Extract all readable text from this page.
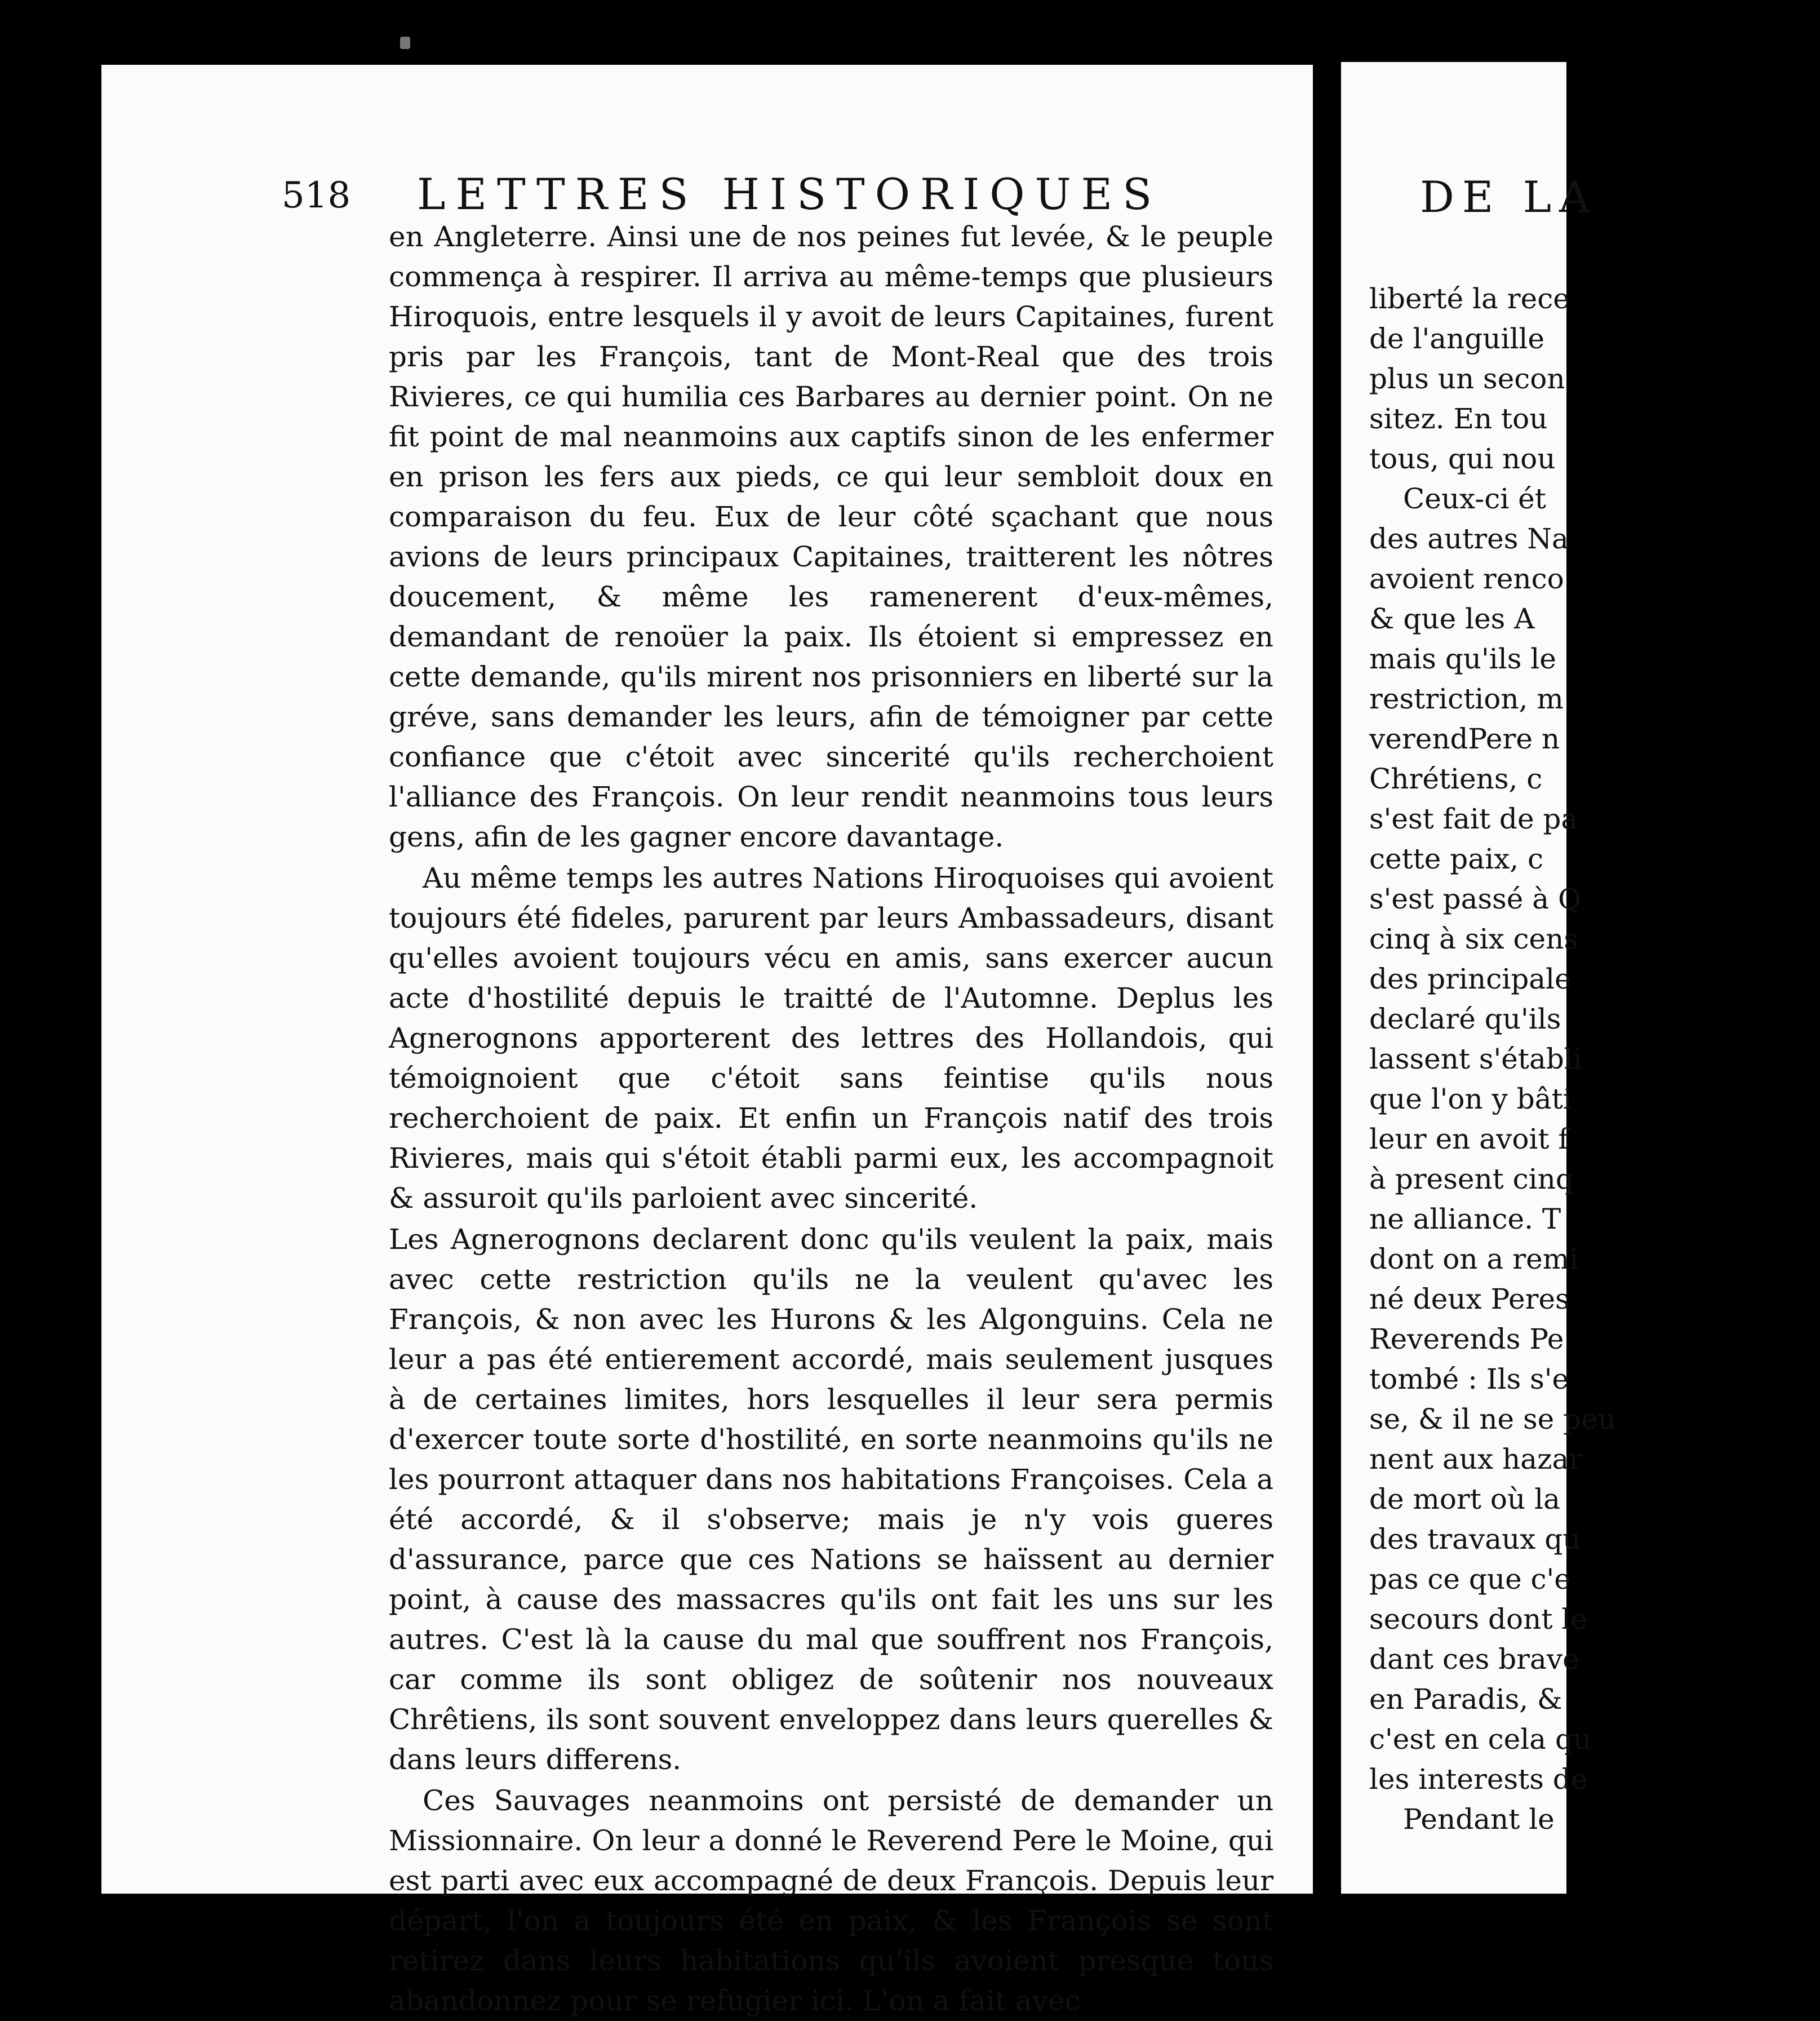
518 LETTRES HISTORIQUES

en Angleterre. Ainsi une de nos peines fut levée, & le peuple commença à respirer. Il arriva au même-temps que plusieurs Hiroquois, entre lesquels il y avoit de leurs Capitaines, furent pris par les François, tant de Mont-Real que des trois Rivieres, ce qui humilia ces Barbares au dernier point. On ne fit point de mal neanmoins aux captifs sinon de les enfermer en prison les fers aux pieds, ce qui leur sembloit doux en comparaison du feu. Eux de leur côté sçachant que nous avions de leurs principaux Capitaines, traitterent les nôtres doucement, & même les ramenerent d'eux-mêmes, demandant de renoüer la paix. Ils étoient si empressez en cette demande, qu'ils mirent nos prisonniers en liberté sur la gréve, sans demander les leurs, afin de témoigner par cette confiance que c'étoit avec sincerité qu'ils recherchoient l'alliance des François. On leur rendit neanmoins tous leurs gens, afin de les gagner encore davantage.

Au même temps les autres Nations Hiroquoises qui avoient toujours été fideles, parurent par leurs Ambassadeurs, disant qu'elles avoient toujours vécu en amis, sans exercer aucun acte d'hostilité depuis le traitté de l'Automne. Deplus les Agnerognons apporterent des lettres des Hollandois, qui témoignoient que c'étoit sans feintise qu'ils nous recherchoient de paix. Et enfin un François natif des trois Rivieres, mais qui s'étoit établi parmi eux, les accompagnoit & assuroit qu'ils parloient avec sincerité.

Les Agnerognons declarent donc qu'ils veulent la paix, mais avec cette restriction qu'ils ne la veulent qu'avec les François, & non avec les Hurons & les Algonguins. Cela ne leur a pas été entierement accordé, mais seulement jusques à de certaines limites, hors lesquelles il leur sera permis d'exercer toute sorte d'hostilité, en sorte neanmoins qu'ils ne les pourront attaquer dans nos habitations Françoises. Cela a été accordé, & il s'observe; mais je n'y vois gueres d'assurance, parce que ces Nations se haïssent au dernier point, à cause des massacres qu'ils ont fait les uns sur les autres. C'est là la cause du mal que souffrent nos François, car comme ils sont obligez de soûtenir nos nouveaux Chrêtiens, ils sont souvent enveloppez dans leurs querelles & dans leurs differens.

Ces Sauvages neanmoins ont persisté de demander un Missionnaire. On leur a donné le Reverend Pere le Moine, qui est parti avec eux accompagné de deux François. Depuis leur départ, l'on a toujours été en paix, & les François se sont retirez dans leurs habitations qu'ils avoient presque tous abandonnez pour se refugier ici. L'on a fait avec

DE LA
liberté la rece
de l'anguille
plus un secon
sitez. En tou
tous, qui nou
Ceux-ci ét
des autres Na
avoient renco
& que les A
mais qu'ils le
restriction, m
verendPere n
Chrétiens, c
s'est fait de pa
cette paix, c
s'est passé à Q
cinq à six cens
des principale
declaré qu'ils
lassent s'établi
que l'on y bâti
leur en avoit f
à present cinq
ne alliance. T
dont on a remi
né deux Peres
Reverends Pe
tombé : Ils s'e
se, & il ne se peu
nent aux hazar
de mort où la
des travaux qu
pas ce que c'e
secours dont le
dant ces brave
en Paradis, &
c'est en cela qu
les interests de
Pendant le
